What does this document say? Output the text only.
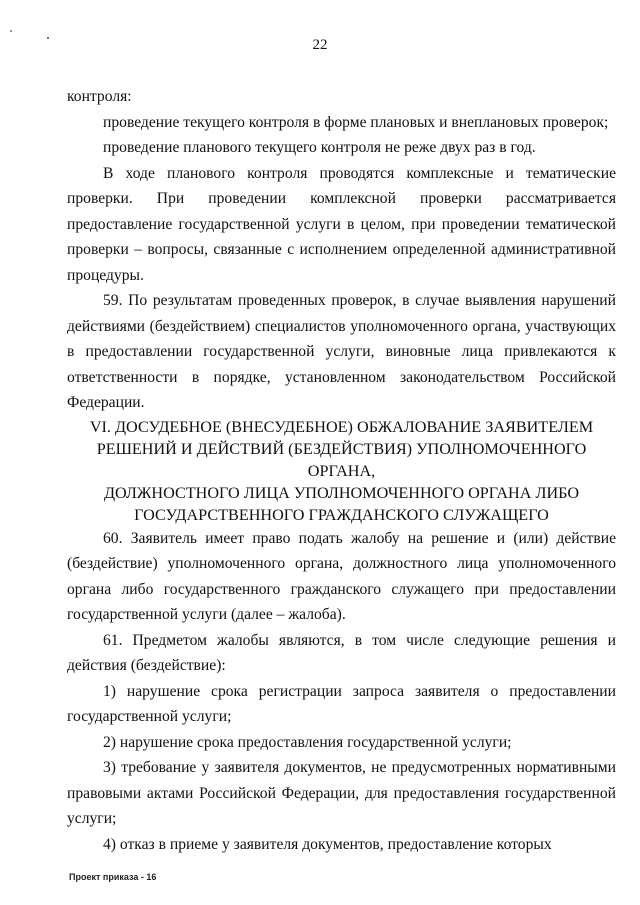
22

контроля:

проведение текущего контроля в форме плановых и внеплановых проверок;

проведение планового текущего контроля не реже двух раз в год.

В ходе планового контроля проводятся комплексные и тематические проверки. При проведении комплексной проверки рассматривается предоставление государственной услуги в целом, при проведении тематической проверки – вопросы, связанные с исполнением определенной административной процедуры.

59. По результатам проведенных проверок, в случае выявления нарушений действиями (бездействием) специалистов уполномоченного органа, участвующих в предоставлении государственной услуги, виновные лица привлекаются к ответственности в порядке, установленном законодательством Российской Федерации.

VI. ДОСУДЕБНОЕ (ВНЕСУДЕБНОЕ) ОБЖАЛОВАНИЕ ЗАЯВИТЕЛЕМ
РЕШЕНИЙ И ДЕЙСТВИЙ (БЕЗДЕЙСТВИЯ) УПОЛНОМОЧЕННОГО ОРГАНА,
ДОЛЖНОСТНОГО ЛИЦА УПОЛНОМОЧЕННОГО ОРГАНА ЛИБО
ГОСУДАРСТВЕННОГО ГРАЖДАНСКОГО СЛУЖАЩЕГО

60. Заявитель имеет право подать жалобу на решение и (или) действие (бездействие) уполномоченного органа, должностного лица уполномоченного органа либо государственного гражданского служащего при предоставлении государственной услуги (далее – жалоба).

61. Предметом жалобы являются, в том числе следующие решения и действия (бездействие):

1) нарушение срока регистрации запроса заявителя о предоставлении государственной услуги;

2) нарушение срока предоставления государственной услуги;

3) требование у заявителя документов, не предусмотренных нормативными правовыми актами Российской Федерации, для предоставления государственной услуги;

4) отказ в приеме у заявителя документов, предоставление которых

Проект приказа - 16
